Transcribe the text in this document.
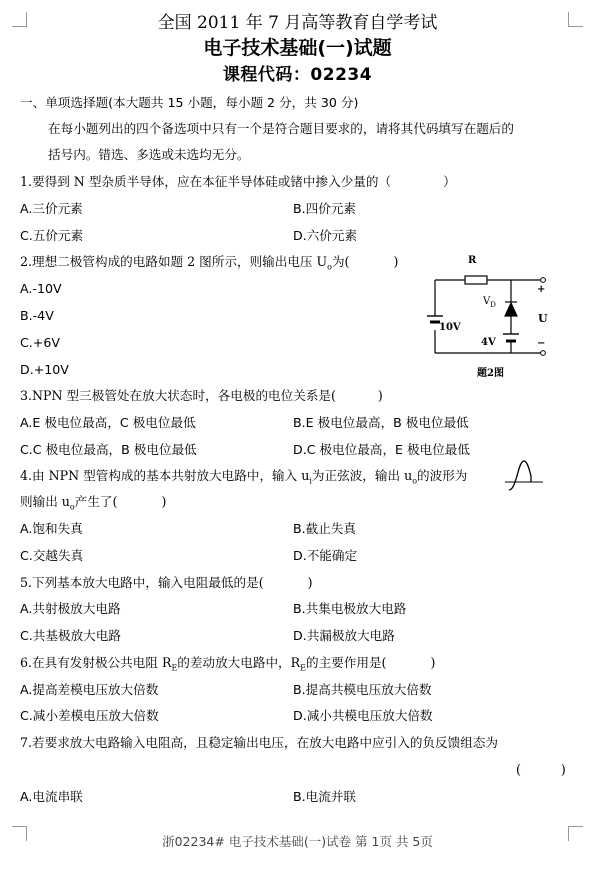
全国 2011 年 7 月高等教育自学考试
电子技术基础(一)试题
课程代码：02234
一、单项选择题(本大题共 15 小题，每小题 2 分，共 30 分)
在每小题列出的四个备选项中只有一个是符合题目要求的，请将其代码填写在题后的
括号内。错选、多选或未选均无分。
1.要得到 N 型杂质半导体，应在本征半导体硅或锗中掺入少量的（	）
A.三价元素	B.四价元素
C.五价元素	D.六价元素
2.理想二极管构成的电路如题 2 图所示，则输出电压 $U_o$为(	)
A.-10V
B.-4V
C.+6V
D.+10V
R
$V_D$
+
U
−
10V
4V
题2图
3.NPN 型三极管处在放大状态时，各电极的电位关系是(	)
A.E 极电位最高，C 极电位最低	B.E 极电位最高，B 极电位最低
C.C 极电位最高，B 极电位最低	D.C 极电位最高，E 极电位最低
4.由 NPN 型管构成的基本共射放大电路中，输入 $u_i$为正弦波，输出 $u_o$的波形为
则输出 $u_o$产生了(	)
A.饱和失真	B.截止失真
C.交越失真	D.不能确定
5.下列基本放大电路中，输入电阻最低的是(	)
A.共射极放大电路	B.共集电极放大电路
C.共基极放大电路	D.共漏极放大电路
6.在具有发射极公共电阻 $R_E$的差动放大电路中，$R_E$的主要作用是(	)
A.提高差模电压放大倍数	B.提高共模电压放大倍数
C.减小差模电压放大倍数	D.减小共模电压放大倍数
7.若要求放大电路输入电阻高，且稳定输出电压，在放大电路中应引入的负反馈组态为
(	)
A.电流串联	B.电流并联
浙02234# 电子技术基础(一)试卷 第 1页 共 5页
